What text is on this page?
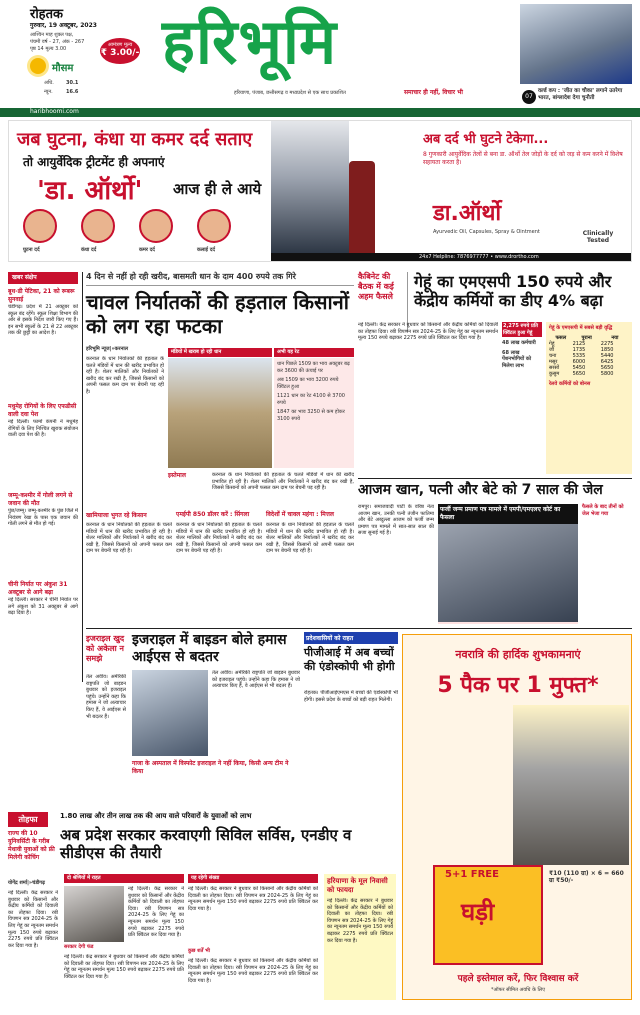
रोहतक
गुरुवार, 19 अक्टूबर, 2023
आश्विन माह शुक्ल पक्ष,
पंचमी वर्ष - 27, अंक - 267
पृष्ठ 14 मूल्य 3.00
आमंत्रण मूल्य
₹ 3.00/-
मौसम
अधि. 30.1
न्यून.	16.6
हरिभूमि
हरियाणा, पंजाब, छत्तीसगढ़ व मध्यप्रदेश से एक साथ प्रकाशित	समाचार ही नहीं, विचार भी
07
वर्ल्ड कप : 'जीत का चौका' लगाने उतरेगा भारत, बांग्लादेश देगा चुनौती
haribhoomi.com
जब घुटना, कंधा या कमर दर्द सताए
तो आयुर्वेदिक ट्रीटमेंट ही अपनाएं
'डा. ऑर्थो' आज ही ले आये
घुटना दर्द	कंधा दर्द	कमर दर्द	कलाई दर्द
अब दर्द भी घुटने टेकेगा...
8 गुणकारी आयुर्वेदिक तेलों से बना डा. ऑर्थो तेल जोड़ों के दर्द को जड़ से कम करने में विशेष सहायता करता है।
डा.ऑर्थो
Ayurvedic Oil, Capsules, Spray & Ointment	Clinically Tested
24x7 Helpline: 7876977777 • www.drortho.com
खबर संक्षेप
बूथ-डी पेटिका, 21 को रूबरू सुनवाई
चंडीगढ़। प्रदेश में 21 अक्टूबर को स्कूल बंद रहेंगे। स्कूल शिक्षा विभाग की ओर से इसके निर्देश जारी किए गए हैं। इन सभी स्कूलों के 21 से 22 अक्टूबर तक की छुट्टी का आदेश है।
मधुमेह रोगियों के लिए एफडीसी वाली दवा पेश
नई दिल्ली। फार्मा कंपनी ने मधुमेह रोगियों के लिए निश्चित खुराक संयोजन वाली दवा पेश की है।
जम्मू-कश्मीर में गोली लगने से जवान की मौत
पुंछ/जम्मू। जम्मू-कश्मीर के पुंछ जिले में नियंत्रण रेखा के पास एक जवान की गोली लगने से मौत हो गई।
चीनी निर्यात पर अंकुश 31 अक्टूबर से आगे बढ़ा
नई दिल्ली। सरकार ने चीनी निर्यात पर लगे अंकुश को 31 अक्टूबर से आगे बढ़ा दिया है।
4 दिन से नहीं हो रही खरीद, बासमती धान के दाम 400 रुपये तक गिरे
चावल निर्यातकों की हड़ताल किसानों को लग रहा फटका
हरिभूमि न्यूज|»करनाल
करनाल के धान निर्यातकों की हड़ताल के चलते मंडियों में धान की खरीद प्रभावित हो रही है। शेलर मालिकों और निर्यातकों ने खरीद बंद कर रखी है, जिससे किसानों को अपनी फसल कम दाम पर बेचनी पड़ रही है।
मंडियों में खराब हो रही धान	अभी यह रेट
धान पिछले 1509 का भाव अक्टूबर बढ़ कर 3600 की ऊंचाई पर
अब 1509 का भाव 3200 रुपये क्विंटल हुआ
1121 धान का रेट 4100 से 3700 रुपये
1847 का भाव 3250 से कम होकर 3100 रुपये
इस्तेमाल	करनाल के धान निर्यातकों की हड़ताल के चलते मंडियों में धान की खरीद प्रभावित हो रही है। शेलर मालिकों और निर्यातकों ने खरीद बंद कर रखी है, जिससे किसानों को अपनी फसल कम दाम पर बेचनी पड़ रही है।
खामियाजा भुगत रहे किसान
करनाल के धान निर्यातकों की हड़ताल के चलते मंडियों में धान की खरीद प्रभावित हो रही है। शेलर मालिकों और निर्यातकों ने खरीद बंद कर रखी है, जिससे किसानों को अपनी फसल कम दाम पर बेचनी पड़ रही है।
एमईपी 850 डॉलर करें : सिंगला
करनाल के धान निर्यातकों की हड़ताल के चलते मंडियों में धान की खरीद प्रभावित हो रही है। शेलर मालिकों और निर्यातकों ने खरीद बंद कर रखी है, जिससे किसानों को अपनी फसल कम दाम पर बेचनी पड़ रही है।
विदेशों में चावल महंगा : मित्तल
करनाल के धान निर्यातकों की हड़ताल के चलते मंडियों में धान की खरीद प्रभावित हो रही है। शेलर मालिकों और निर्यातकों ने खरीद बंद कर रखी है, जिससे किसानों को अपनी फसल कम दाम पर बेचनी पड़ रही है।
कैबिनेट की बैठक में कई अहम फैसले
गेहूं का एमएसपी 150 रुपये और केंद्रीय कर्मियों का डीए 4% बढ़ा
नई दिल्ली। केंद्र सरकार ने बुधवार को किसानों और केंद्रीय कर्मियों को दिवाली का तोहफा दिया। रबी विपणन सत्र 2024-25 के लिए गेहूं का न्यूनतम समर्थन मूल्य 150 रुपये बढ़ाकर 2275 रुपये प्रति क्विंटल कर दिया गया है।
2,275 रुपये प्रति क्विंटल हुआ गेहूं
48 लाख कर्मचारी
68 लाख पेंशनभोगियों को मिलेगा लाभ
गेहूं के एमएसपी में सबसे बड़ी वृद्धि
फसल	पुराना	नया
गेहूं	2125	2275
जौ	1735	1850
चना	5335	5440
मसूर	6000	6425
सरसों	5450	5650
कुसुम	5650	5800
रेलवे कर्मियों को बोनस
आजम खान, पत्नी और बेटे को 7 साल की जेल
रामपुर। समाजवादी पार्टी के वरिष्ठ नेता आजम खान, उनकी पत्नी तंजीन फातिमा और बेटे अब्दुल्ला आजम को फर्जी जन्म प्रमाण पत्र मामले में सात-सात साल की सजा सुनाई गई है।
फर्जी जन्म प्रमाण पत्र मामले में एमपी/एमएलए कोर्ट का फैसला
फैसले के बाद तीनों को जेल भेजा गया
इजराइल खुद को अकेला न समझे
इजराइल में बाइडन बोले हमास आईएस से बदतर
तेल अवीव। अमेरिकी राष्ट्रपति जो बाइडन बुधवार को इजराइल पहुंचे। उन्होंने कहा कि हमास ने जो अत्याचार किए हैं, वे आईएस से भी बदतर हैं।
तेल अवीव। अमेरिकी राष्ट्रपति जो बाइडन बुधवार को इजराइल पहुंचे। उन्होंने कहा कि हमास ने जो अत्याचार किए हैं, वे आईएस से भी बदतर हैं।
गाजा के अस्पताल में विस्फोट इजराइल ने नहीं किया, किसी अन्य टीम ने किया
प्रदेशवासियों को राहत
पीजीआई में अब बच्चों की एंडोस्कोपी भी होगी
रोहतक। पीजीआईएमएस में बच्चों की एंडोस्कोपी भी होगी। इससे प्रदेश के बच्चों को बड़ी राहत मिलेगी।
नवरात्रि की हार्दिक शुभकामनाएं
5 पैक पर 1 मुफ्त*
5+1 FREE
घड़ी
₹10 (110 ग्रा) × 6 = 660 ग्रा ₹50/-
पहले इस्तेमाल करें, फिर विश्वास करें
*ऑफर सीमित अवधि के लिए
तोहफा	1.80 लाख और तीन लाख तक की आय वाले परिवारों के युवाओं को लाभ
अब प्रदेश सरकार करवाएगी सिविल सर्विस, एनडीए व सीडीएस की तैयारी
राज्य की 10 युनिवर्सिटी के गरीब मेधावी युवाओं को फ्री मिलेगी कोचिंग
योगेंद्र शर्मा|»चंडीगढ़
नई दिल्ली। केंद्र सरकार ने बुधवार को किसानों और केंद्रीय कर्मियों को दिवाली का तोहफा दिया। रबी विपणन सत्र 2024-25 के लिए गेहूं का न्यूनतम समर्थन मूल्य 150 रुपये बढ़ाकर 2275 रुपये प्रति क्विंटल कर दिया गया है।
दो श्रेणियों में राहत
सरकार देगी फंड
नई दिल्ली। केंद्र सरकार ने बुधवार को किसानों और केंद्रीय कर्मियों को दिवाली का तोहफा दिया। रबी विपणन सत्र 2024-25 के लिए गेहूं का न्यूनतम समर्थन मूल्य 150 रुपये बढ़ाकर 2275 रुपये प्रति क्विंटल कर दिया गया है।
नई दिल्ली। केंद्र सरकार ने बुधवार को किसानों और केंद्रीय कर्मियों को दिवाली का तोहफा दिया। रबी विपणन सत्र 2024-25 के लिए गेहूं का न्यूनतम समर्थन मूल्य 150 रुपये बढ़ाकर 2275 रुपये प्रति क्विंटल कर दिया गया है।
यह रहेगी संख्या
नई दिल्ली। केंद्र सरकार ने बुधवार को किसानों और केंद्रीय कर्मियों को दिवाली का तोहफा दिया। रबी विपणन सत्र 2024-25 के लिए गेहूं का न्यूनतम समर्थन मूल्य 150 रुपये बढ़ाकर 2275 रुपये प्रति क्विंटल कर दिया गया है।
कुछ शर्तें भी
नई दिल्ली। केंद्र सरकार ने बुधवार को किसानों और केंद्रीय कर्मियों को दिवाली का तोहफा दिया। रबी विपणन सत्र 2024-25 के लिए गेहूं का न्यूनतम समर्थन मूल्य 150 रुपये बढ़ाकर 2275 रुपये प्रति क्विंटल कर दिया गया है।
हरियाणा के मूल निवासी को फायदा
नई दिल्ली। केंद्र सरकार ने बुधवार को किसानों और केंद्रीय कर्मियों को दिवाली का तोहफा दिया। रबी विपणन सत्र 2024-25 के लिए गेहूं का न्यूनतम समर्थन मूल्य 150 रुपये बढ़ाकर 2275 रुपये प्रति क्विंटल कर दिया गया है।
